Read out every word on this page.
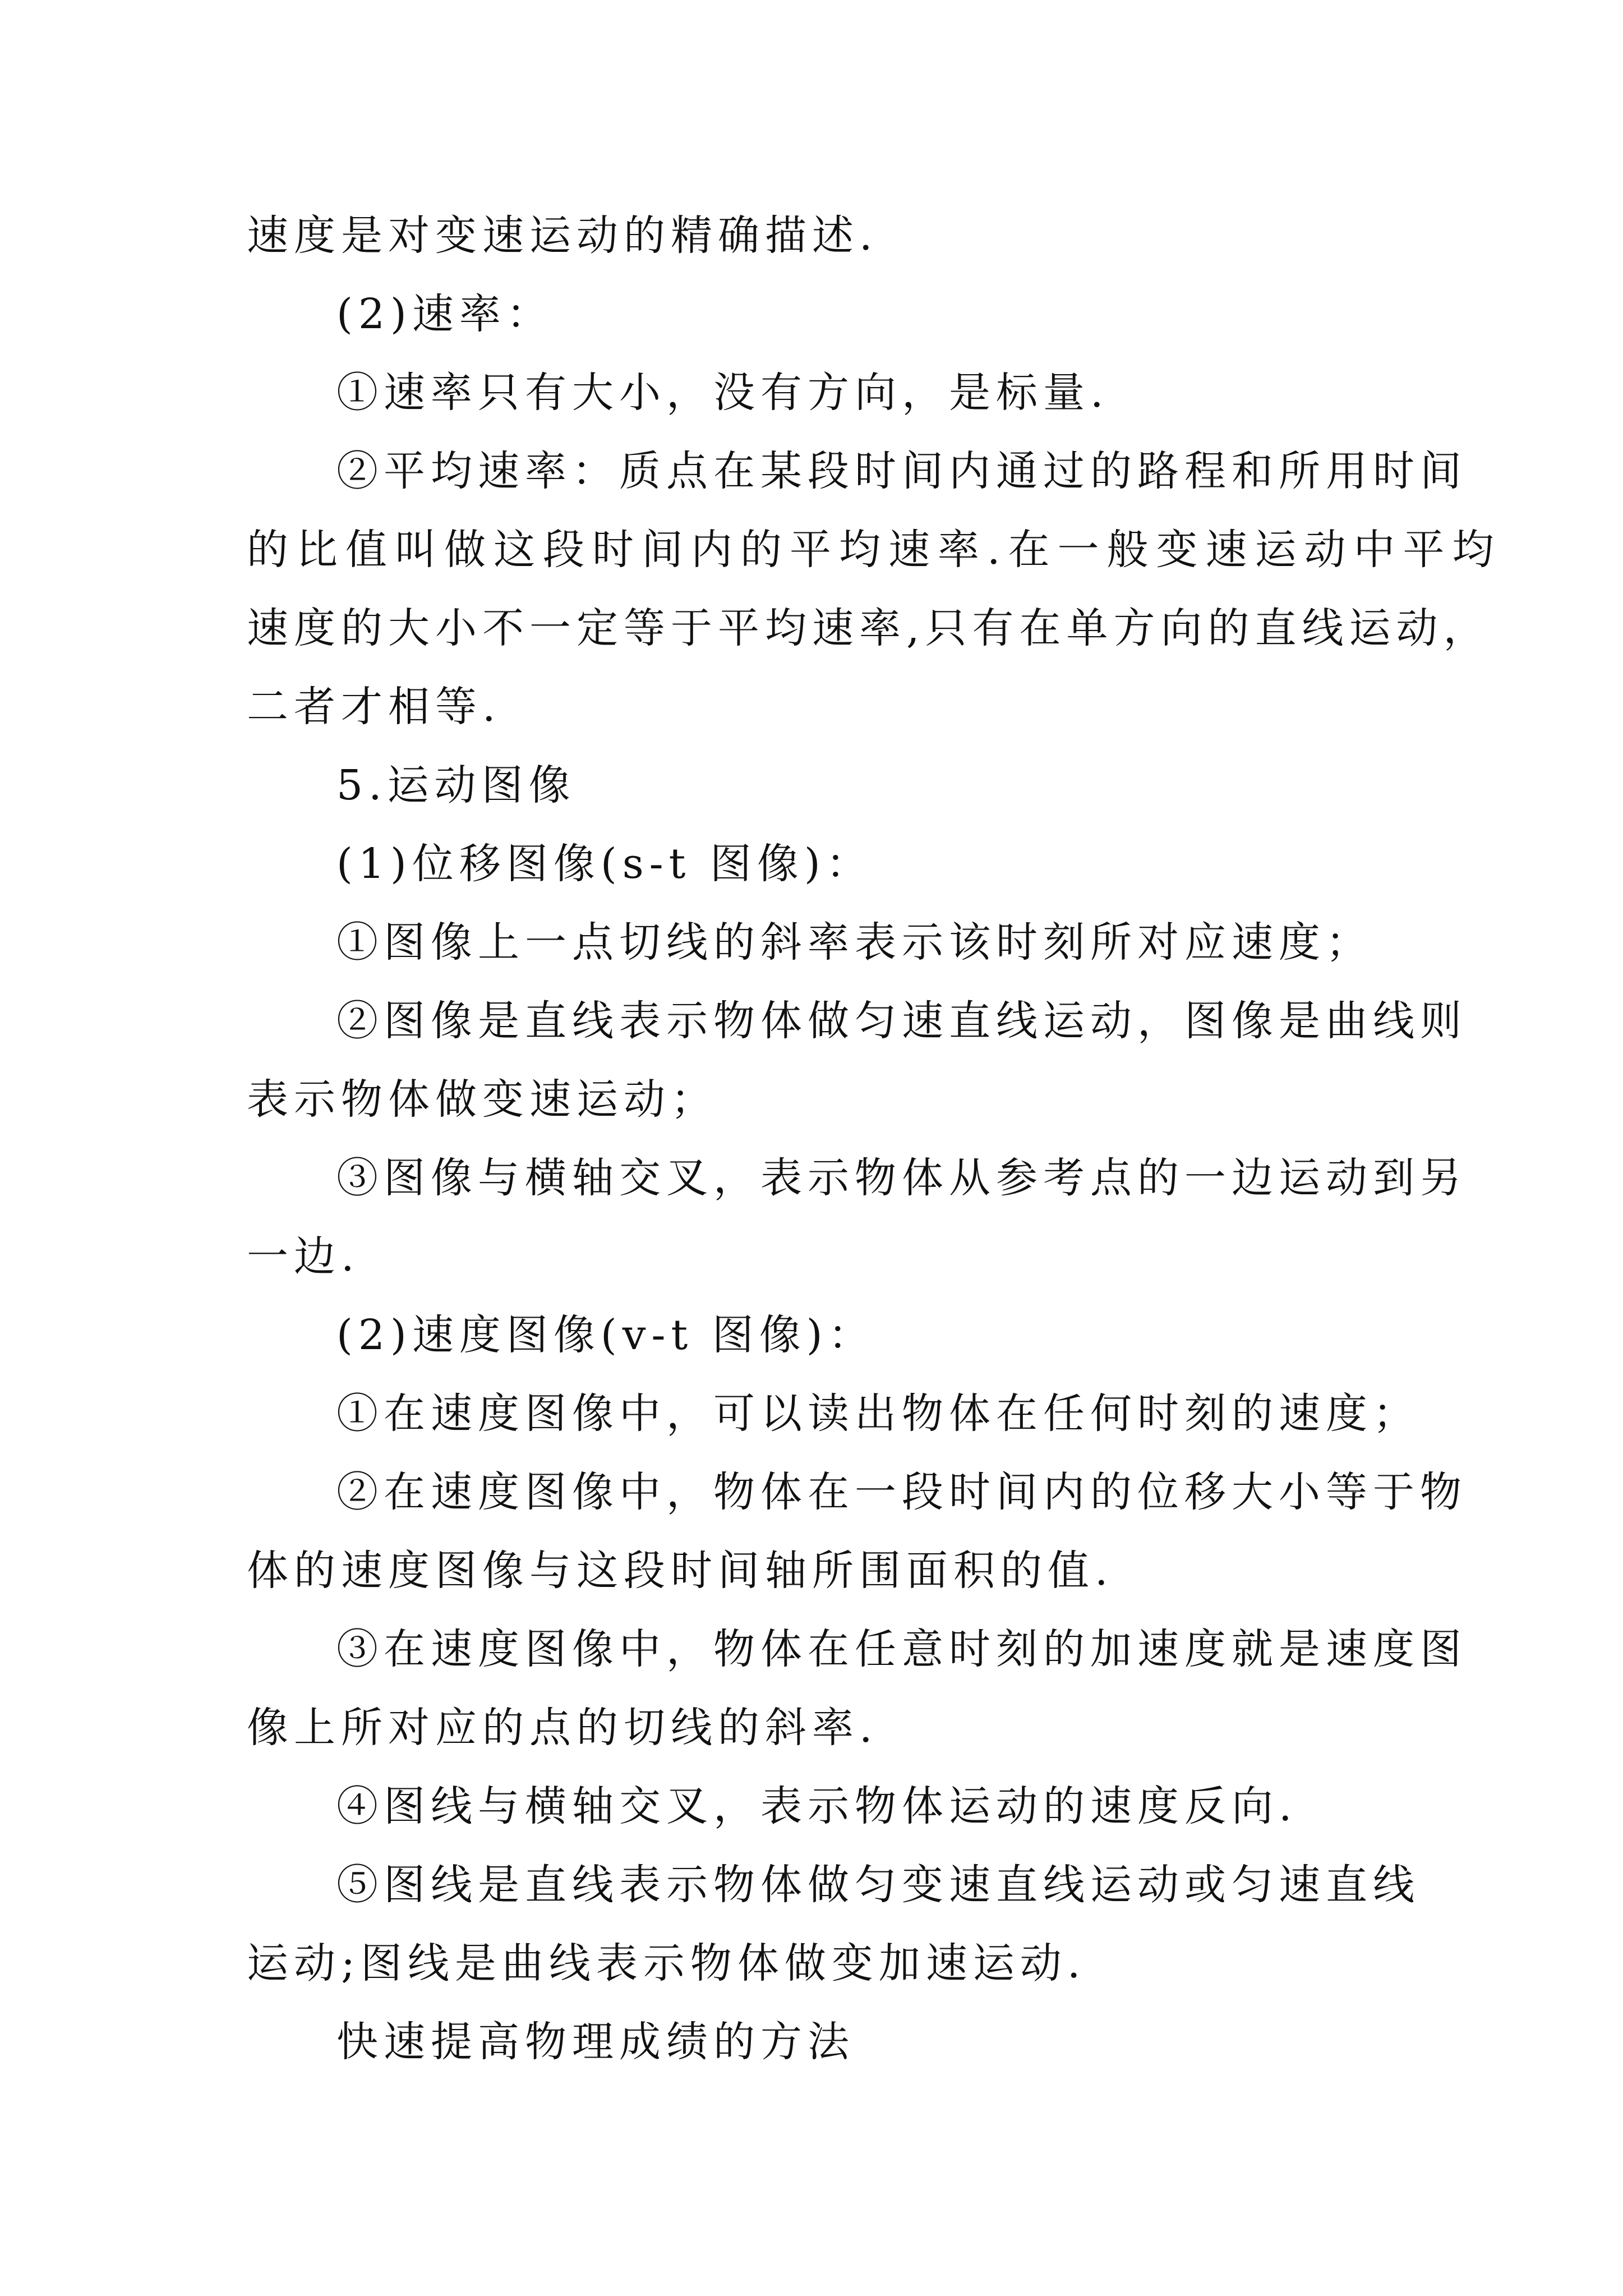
速度是对变速运动的精确描述.
(2)速率：
①速率只有大小，没有方向，是标量.
②平均速率：质点在某段时间内通过的路程和所用时间
的比值叫做这段时间内的平均速率.在一般变速运动中平均
速度的大小不一定等于平均速率,只有在单方向的直线运动，
二者才相等.
5.运动图像
(1)位移图像(s-t 图像)：
①图像上一点切线的斜率表示该时刻所对应速度；
②图像是直线表示物体做匀速直线运动，图像是曲线则
表示物体做变速运动；
③图像与横轴交叉，表示物体从参考点的一边运动到另
一边.
(2)速度图像(v-t 图像)：
①在速度图像中，可以读出物体在任何时刻的速度；
②在速度图像中，物体在一段时间内的位移大小等于物
体的速度图像与这段时间轴所围面积的值.
③在速度图像中，物体在任意时刻的加速度就是速度图
像上所对应的点的切线的斜率.
④图线与横轴交叉，表示物体运动的速度反向.
⑤图线是直线表示物体做匀变速直线运动或匀速直线
运动;图线是曲线表示物体做变加速运动.
快速提高物理成绩的方法
